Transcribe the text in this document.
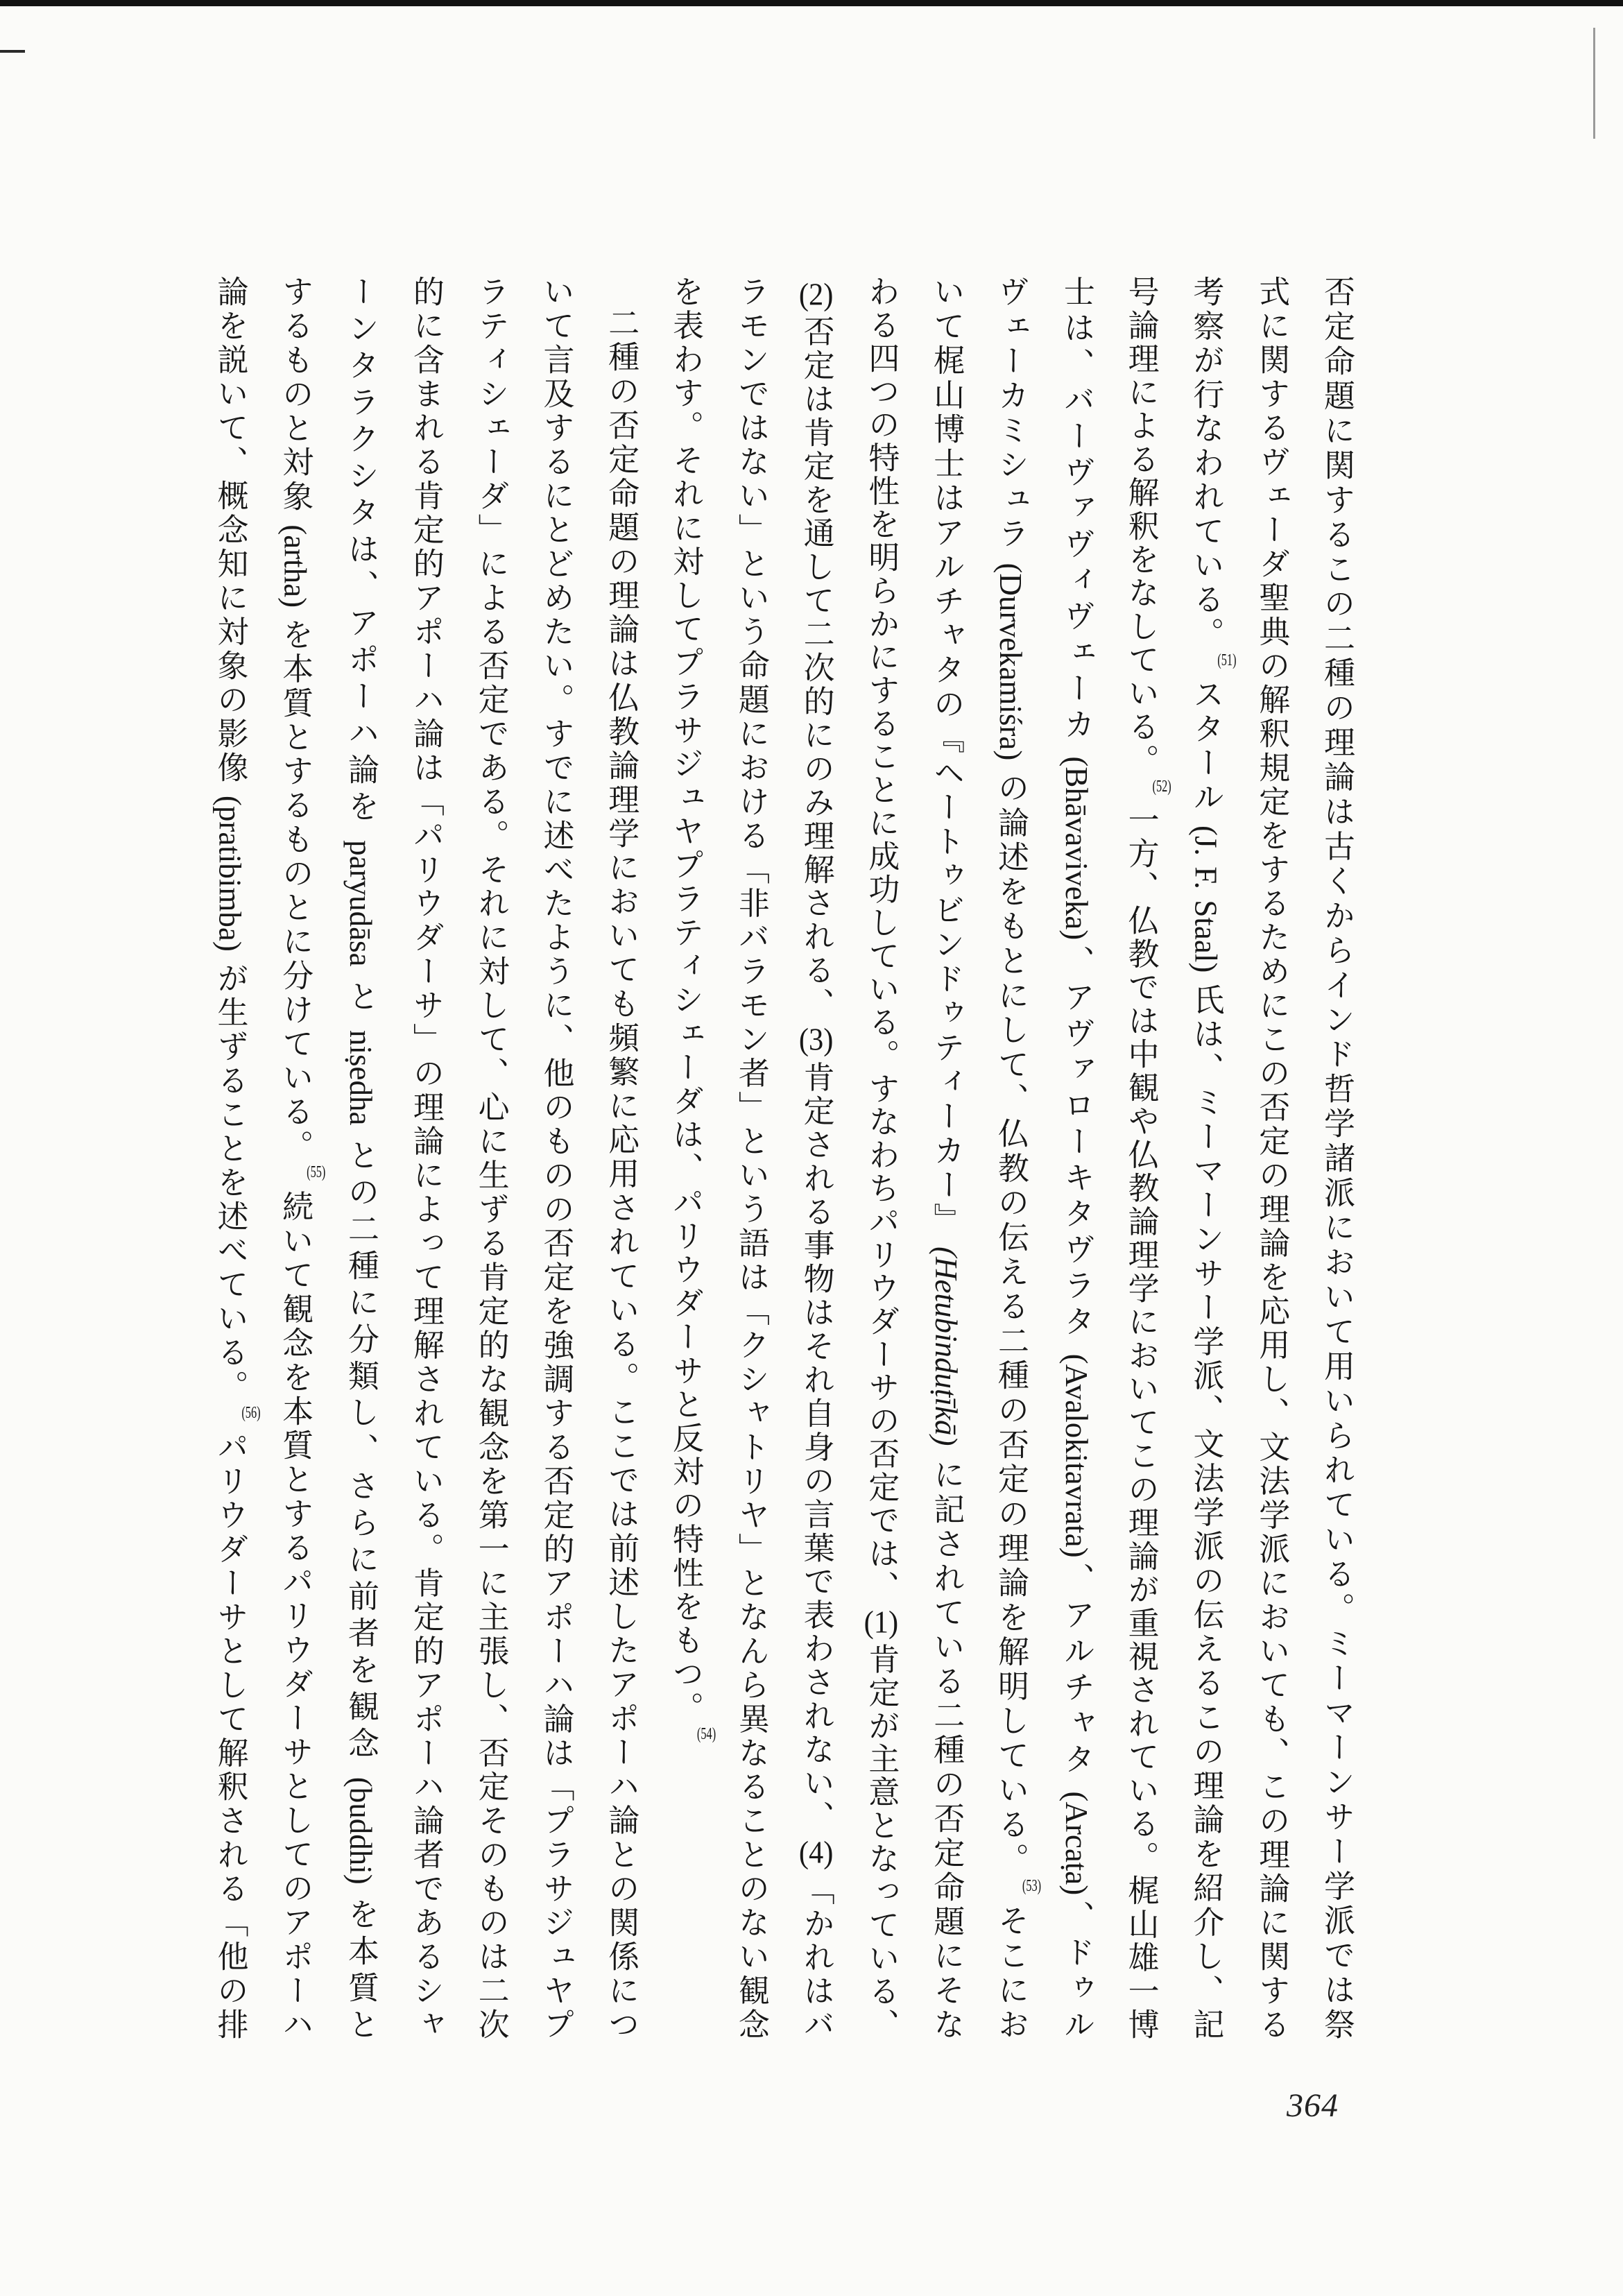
否定命題に関するこの二種の理論は古くからインド哲学諸派において用いられている。ミーマーンサー学派では祭
式に関するヴェーダ聖典の解釈規定をするためにこの否定の理論を応用し、文法学派においても、この理論に関する
考察が行なわれている。(51)スタール (J. F. Staal) 氏は、ミーマーンサー学派、文法学派の伝えるこの理論を紹介し、記
号論理による解釈をなしている。(52)一方、仏教では中観や仏教論理学においてこの理論が重視されている。梶山雄一博
士は、バーヴァヴィヴェーカ (Bhāvaviveka)、アヴァローキタヴラタ (Avalokitavrata)、アルチャタ (Arcaṭa)、ドゥル
ヴェーカミシュラ (Durvekamiśra) の論述をもとにして、仏教の伝える二種の否定の理論を解明している。(53)そこにお
いて梶山博士はアルチャタの『ヘートゥビンドゥティーカー』(Hetubinduṭīkā)に記されている二種の否定命題にそな
わる四つの特性を明らかにすることに成功している。すなわちパリウダーサの否定では、(1)肯定が主意となっている、
(2)否定は肯定を通して二次的にのみ理解される、(3)肯定される事物はそれ自身の言葉で表わされない、(4)「かれはバ
ラモンではない」という命題における「非バラモン者」という語は「クシャトリヤ」となんら異なることのない観念
を表わす。それに対してプラサジュヤプラティシェーダは、パリウダーサと反対の特性をもつ。(54)
二種の否定命題の理論は仏教論理学においても頻繁に応用されている。ここでは前述したアポーハ論との関係につ
いて言及するにとどめたい。すでに述べたように、他のものの否定を強調する否定的アポーハ論は「プラサジュヤプ
ラティシェーダ」による否定である。それに対して、心に生ずる肯定的な観念を第一に主張し、否定そのものは二次
的に含まれる肯定的アポーハ論は「パリウダーサ」の理論によって理解されている。肯定的アポーハ論者であるシャ
ーンタラクシタは、アポーハ論を paryudāsa と niṣedha との二種に分類し、さらに前者を観念 (buddhi) を本質と
するものと対象 (artha) を本質とするものとに分けている。(55)続いて観念を本質とするパリウダーサとしてのアポーハ
論を説いて、概念知に対象の影像 (pratibimba) が生ずることを述べている。(56)パリウダーサとして解釈される「他の排
364
